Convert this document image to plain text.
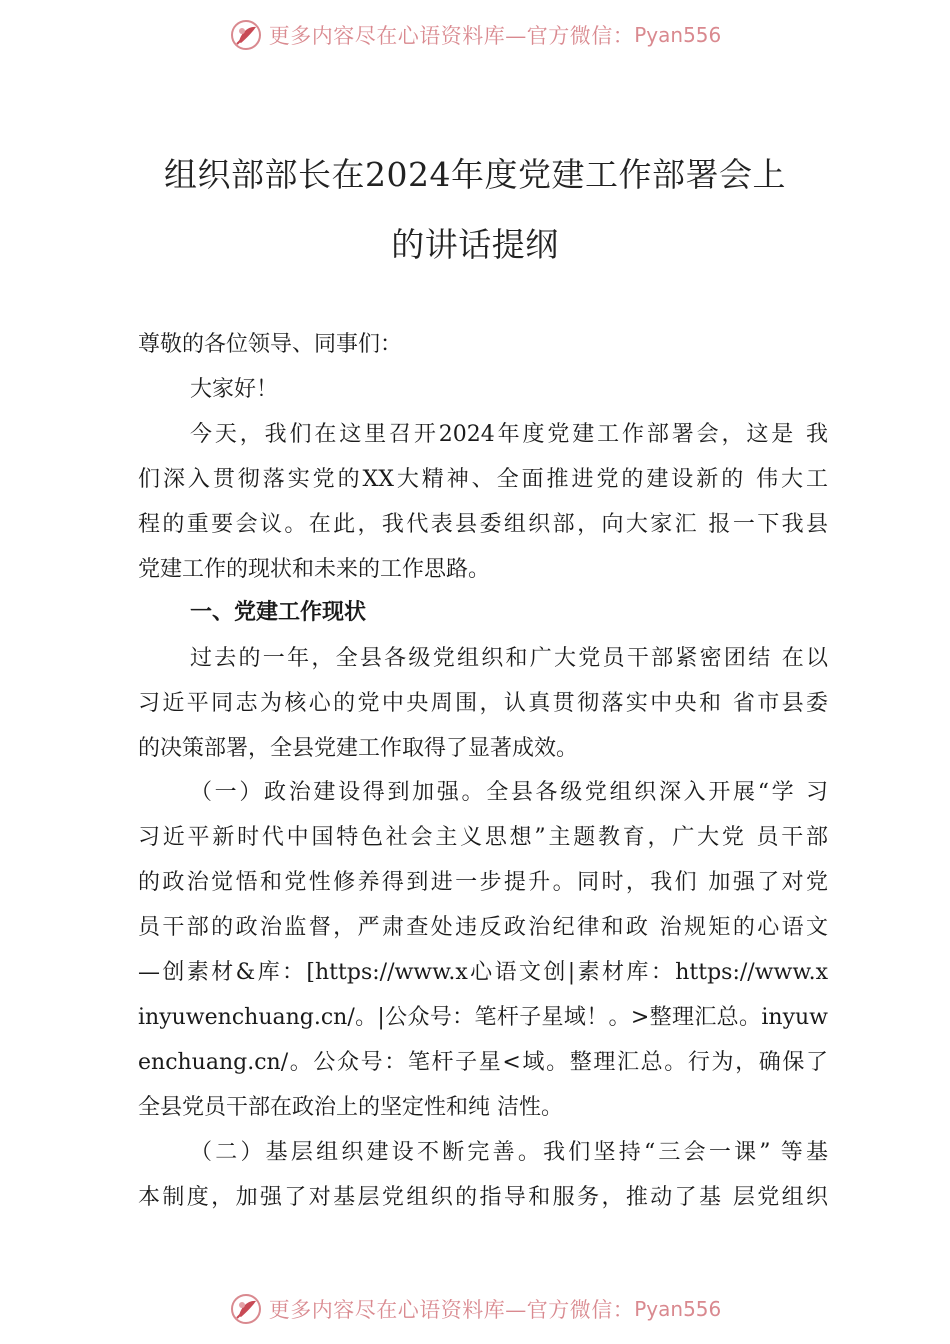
更多内容尽在心语资料库—官方微信： Pyan556
组织部部长在2024年度党建工作部署会上
的讲话提纲
尊敬的各位领导、同事们：
大家好！
今天，我们在这里召开2024年度党建工作部署会，这是 我
们深入贯彻落实党的XX大精神、全面推进党的建设新的 伟大工
程的重要会议。在此，我代表县委组织部，向大家汇 报一下我县
党建工作的现状和未来的工作思路。
一、党建工作现状
过去的一年，全县各级党组织和广大党员干部紧密团结 在以
习近平同志为核心的党中央周围，认真贯彻落实中央和 省市县委
的决策部署，全县党建工作取得了显著成效。
（一）政治建设得到加强。全县各级党组织深入开展“学 习
习近平新时代中国特色社会主义思想”主题教育，广大党 员干部
的政治觉悟和党性修养得到进一步提升。同时，我们 加强了对党
员干部的政治监督，严肃查处违反政治纪律和政 治规矩的心语文
—创素材&库：[https://www.x心语文创|素材库：https://www.x
inyuwenchuang.cn/。|公众号：笔杆子星域！。>整理汇总。inyuw
enchuang.cn/。公众号：笔杆子星<域。整理汇总。行为，确保了
全县党员干部在政治上的坚定性和纯 洁性。
（二）基层组织建设不断完善。我们坚持“三会一课” 等基
本制度，加强了对基层党组织的指导和服务，推动了基 层党组织
更多内容尽在心语资料库—官方微信： Pyan556
